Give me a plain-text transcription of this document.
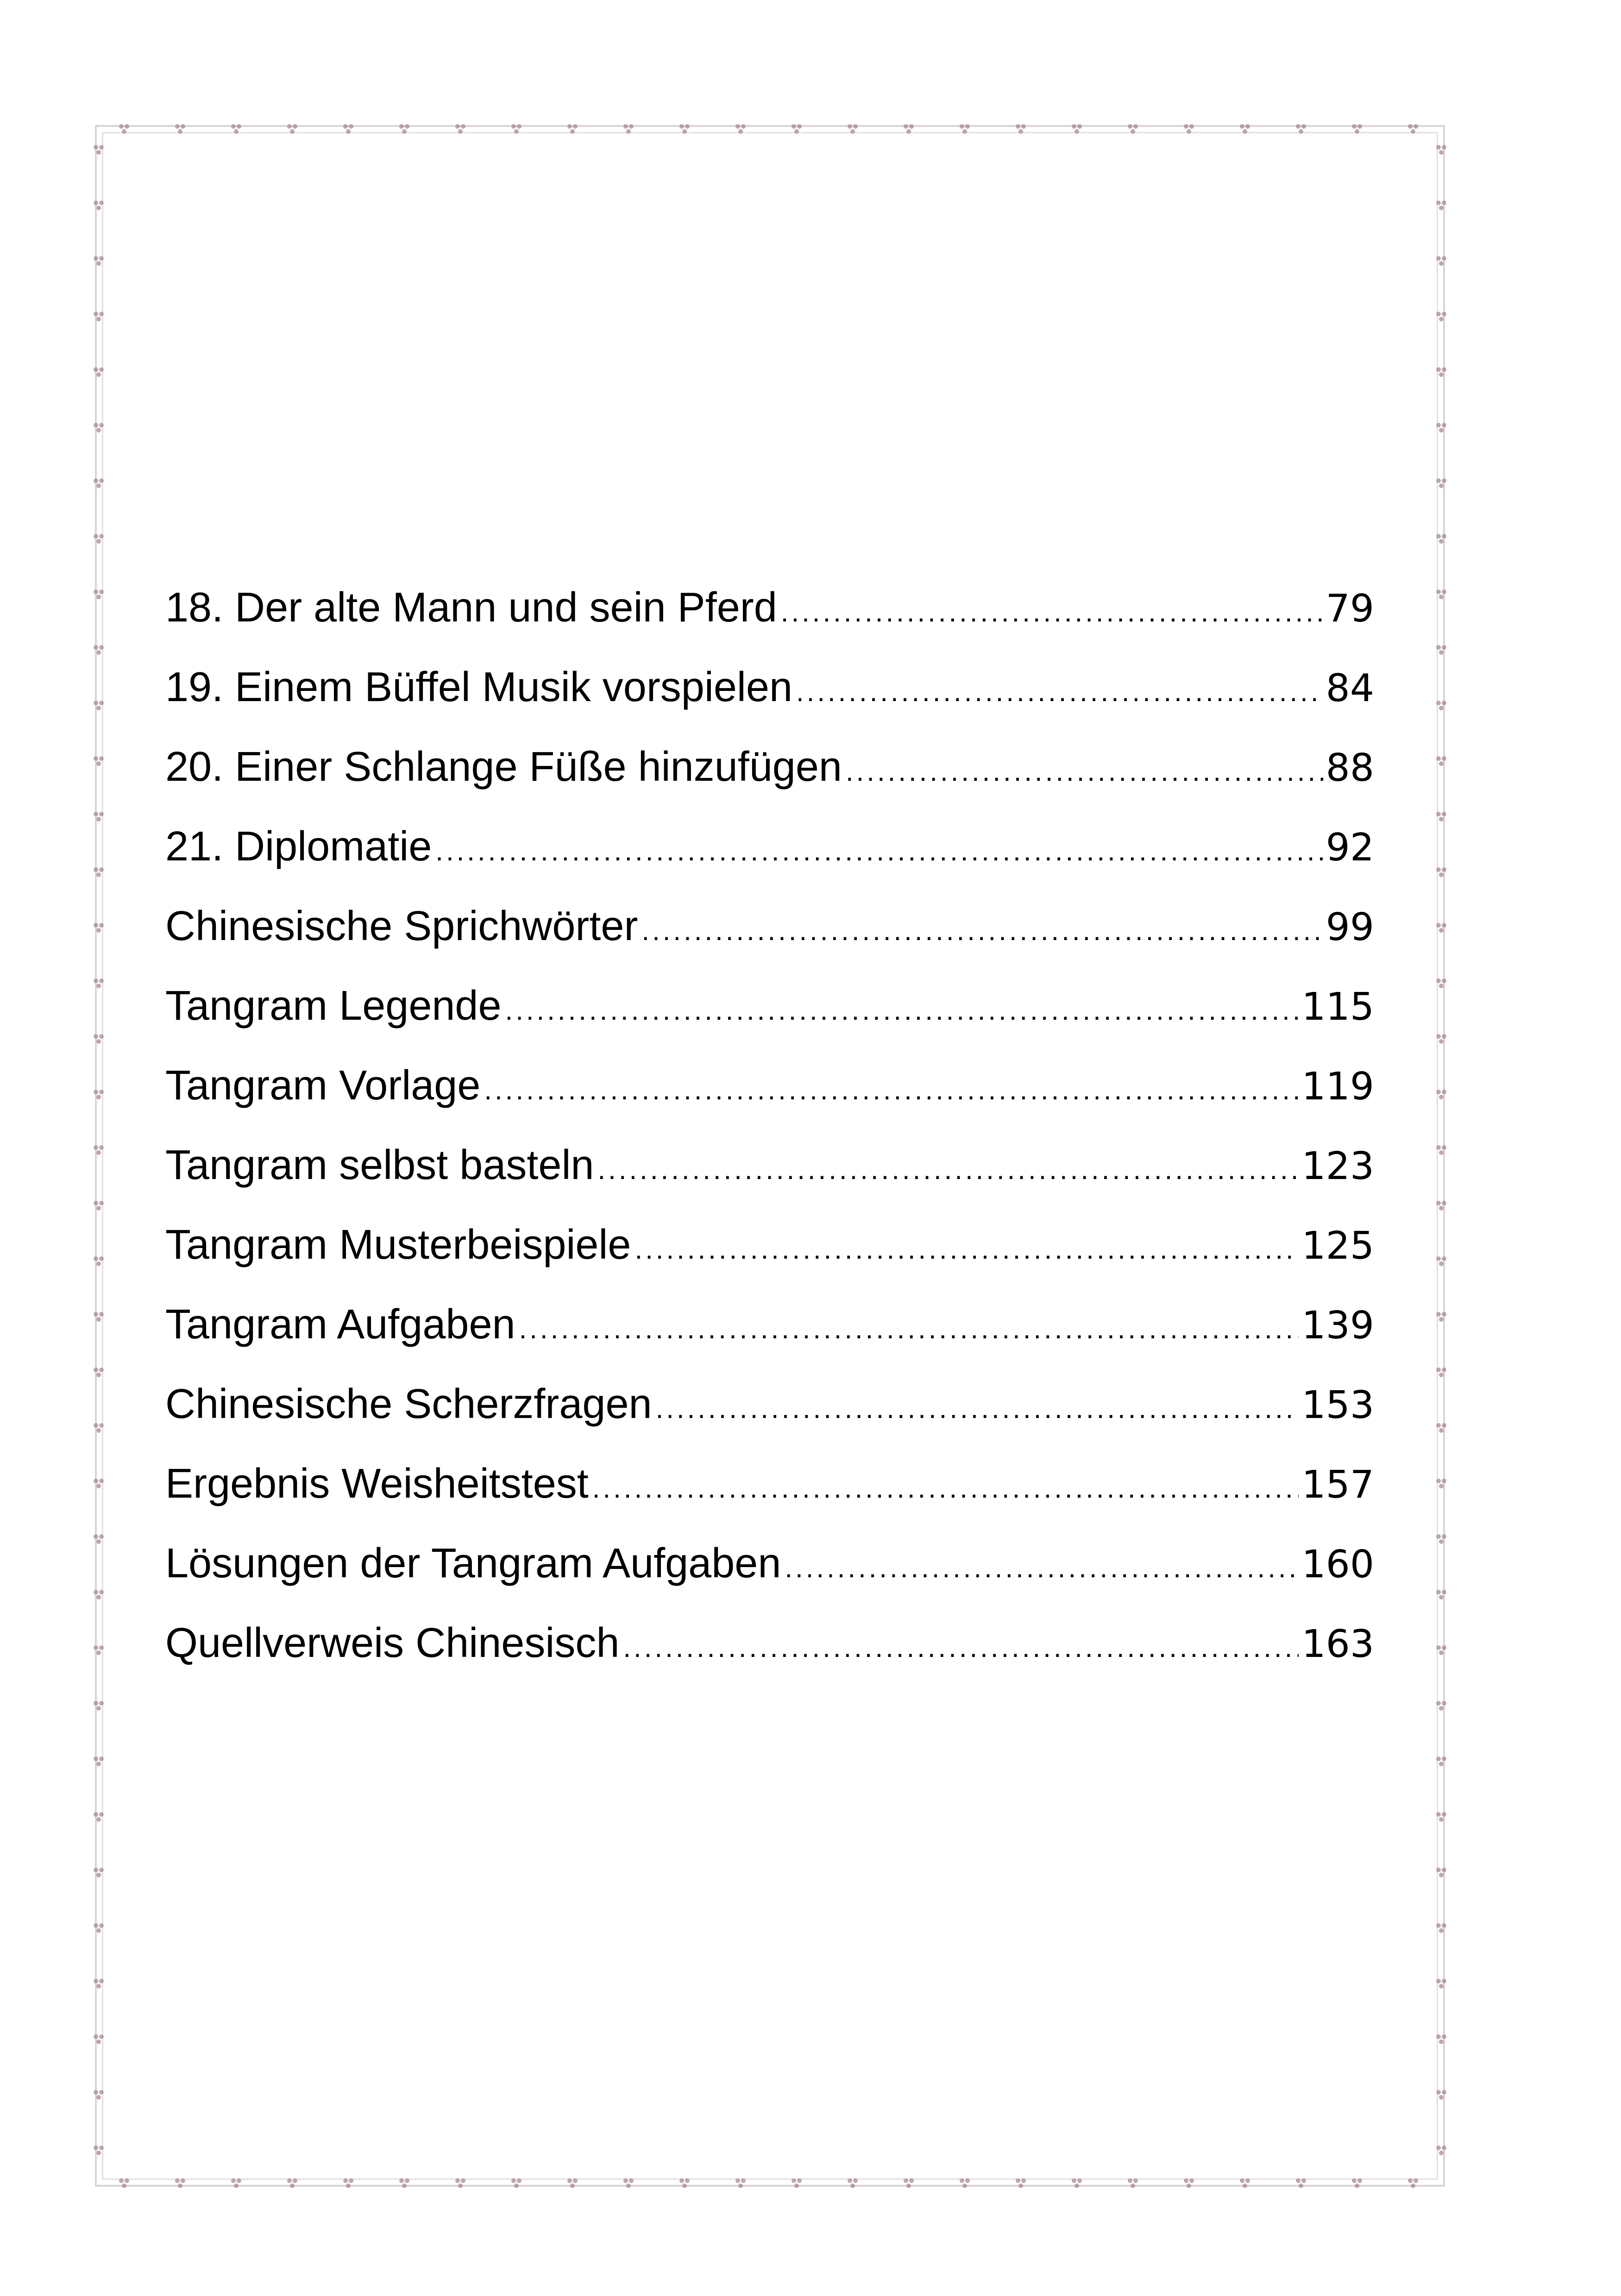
18. Der alte Mann und sein Pferd .....	79
19. Einem Büffel Musik vorspielen .....	84
20. Einer Schlange Füße hinzufügen .....	88
21. Diplomatie .....	92
Chinesische Sprichwörter .....	99
Tangram Legende .....	115
Tangram Vorlage .....	119
Tangram selbst basteln .....	123
Tangram Musterbeispiele .....	125
Tangram Aufgaben .....	139
Chinesische Scherzfragen .....	153
Ergebnis Weisheitstest .....	157
Lösungen der Tangram Aufgaben .....	160
Quellverweis Chinesisch .....	163
